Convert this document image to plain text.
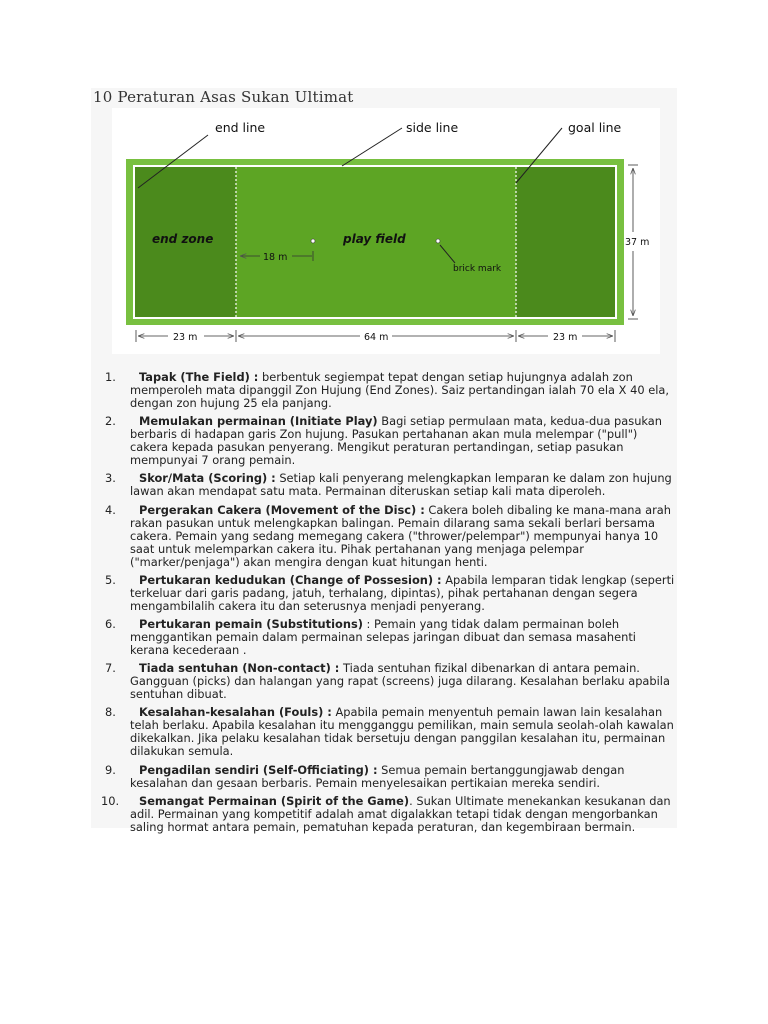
10 Peraturan Asas Sukan Ultimat
end line	side line	goal line
end zone	play field
brick mark
18 m
37 m
23 m	64 m	23 m
1. Tapak (The Field) : berbentuk segiempat tepat dengan setiap hujungnya adalah zon memperoleh mata dipanggil Zon Hujung (End Zones). Saiz pertandingan ialah 70 ela X 40 ela, dengan zon hujung 25 ela panjang.
2. Memulakan permainan (Initiate Play) Bagi setiap permulaan mata, kedua-dua pasukan berbaris di hadapan garis Zon hujung. Pasukan pertahanan akan mula melempar ("pull") cakera kepada pasukan penyerang. Mengikut peraturan pertandingan, setiap pasukan mempunyai 7 orang pemain.
3. Skor/Mata (Scoring) : Setiap kali penyerang melengkapkan lemparan ke dalam zon hujung lawan akan mendapat satu mata. Permainan diteruskan setiap kali mata diperoleh.
4. Pergerakan Cakera (Movement of the Disc) : Cakera boleh dibaling ke mana-mana arah rakan pasukan untuk melengkapkan balingan. Pemain dilarang sama sekali berlari bersama cakera. Pemain yang sedang memegang cakera ("thrower/pelempar") mempunyai hanya 10 saat untuk melemparkan cakera itu. Pihak pertahanan yang menjaga pelempar ("marker/penjaga") akan mengira dengan kuat hitungan henti.
5. Pertukaran kedudukan (Change of Possesion) : Apabila lemparan tidak lengkap (seperti terkeluar dari garis padang, jatuh, terhalang, dipintas), pihak pertahanan dengan segera mengambilalih cakera itu dan seterusnya menjadi penyerang.
6. Pertukaran pemain (Substitutions) : Pemain yang tidak dalam permainan boleh menggantikan pemain dalam permainan selepas jaringan dibuat dan semasa masahenti kerana kecederaan .
7. Tiada sentuhan (Non-contact) : Tiada sentuhan fizikal dibenarkan di antara pemain. Gangguan (picks) dan halangan yang rapat (screens) juga dilarang. Kesalahan berlaku apabila sentuhan dibuat.
8. Kesalahan-kesalahan (Fouls) : Apabila pemain menyentuh pemain lawan lain kesalahan telah berlaku. Apabila kesalahan itu mengganggu pemilikan, main semula seolah-olah kawalan dikekalkan. Jika pelaku kesalahan tidak bersetuju dengan panggilan kesalahan itu, permainan dilakukan semula.
9. Pengadilan sendiri (Self-Officiating) : Semua pemain bertanggungjawab dengan kesalahan dan gesaan berbaris. Pemain menyelesaikan pertikaian mereka sendiri.
10. Semangat Permainan (Spirit of the Game). Sukan Ultimate menekankan kesukanan dan adil. Permainan yang kompetitif adalah amat digalakkan tetapi tidak dengan mengorbankan saling hormat antara pemain, pematuhan kepada peraturan, dan kegembiraan bermain.
